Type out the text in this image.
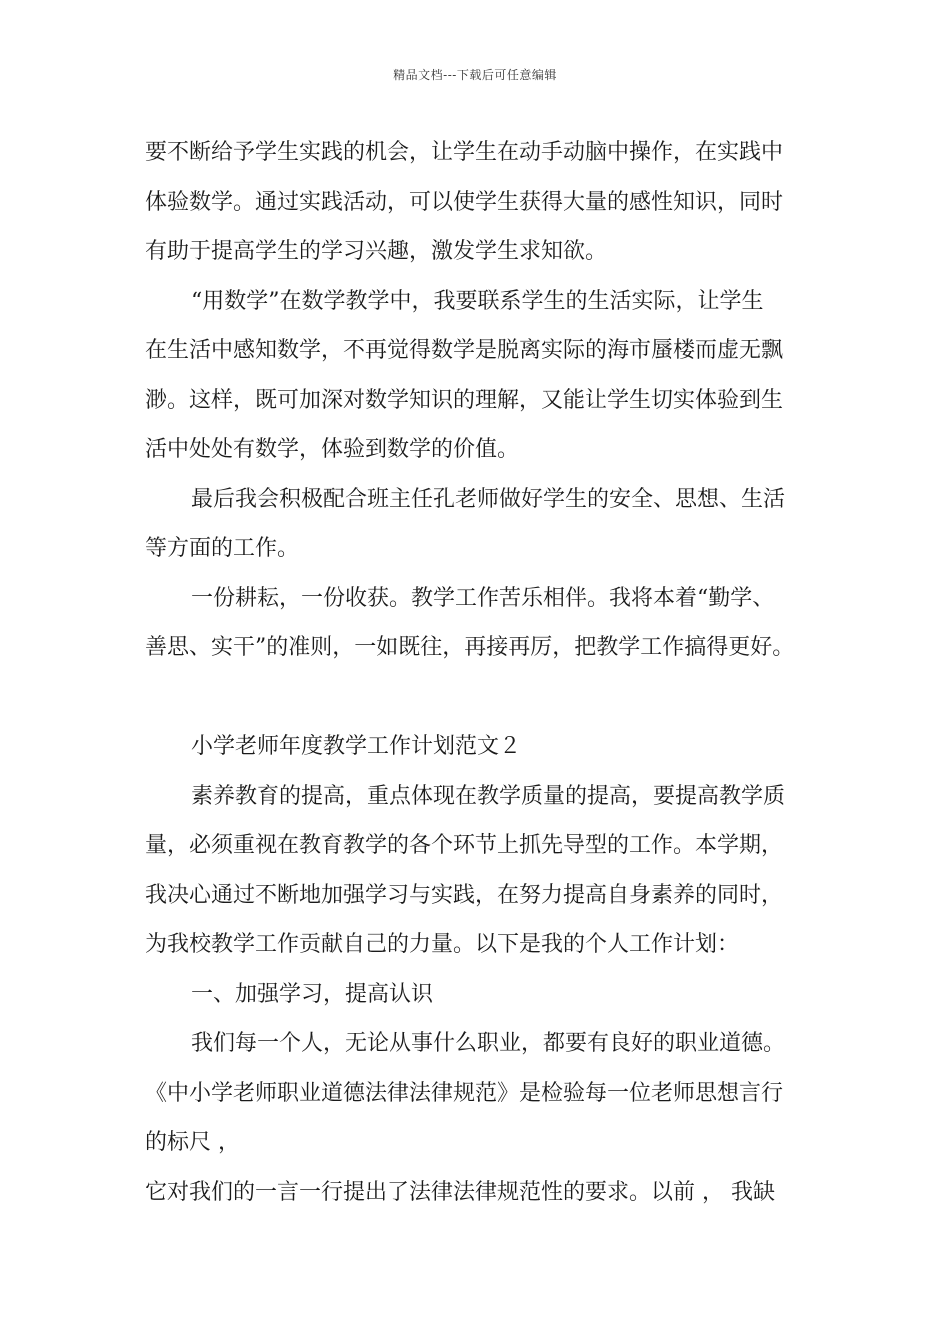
精品文档---下载后可任意编辑
要不断给予学生实践的机会，让学生在动手动脑中操作，在实践中
体验数学。通过实践活动，可以使学生获得大量的感性知识，同时
有助于提高学生的学习兴趣，激发学生求知欲。
“用数学”在数学教学中，我要联系学生的生活实际，让学生
在生活中感知数学，不再觉得数学是脱离实际的海市蜃楼而虚无飘
渺。这样，既可加深对数学知识的理解，又能让学生切实体验到生
活中处处有数学，体验到数学的价值。
最后我会积极配合班主任孔老师做好学生的安全、思想、生活
等方面的工作。
一份耕耘，一份收获。教学工作苦乐相伴。我将本着“勤学、
善思、实干”的准则，一如既往，再接再厉，把教学工作搞得更好。
小学老师年度教学工作计划范文２
素养教育的提高，重点体现在教学质量的提高，要提高教学质
量，必须重视在教育教学的各个环节上抓先导型的工作。本学期，
我决心通过不断地加强学习与实践，在努力提高自身素养的同时，
为我校教学工作贡献自己的力量。以下是我的个人工作计划：
一、加强学习，提高认识
我们每一个人，无论从事什么职业，都要有良好的职业道德。
《中小学老师职业道德法律法律规范》是检验每一位老师思想言行
的标尺 ，
它对我们的一言一行提出了法律法律规范性的要求。以前 ， 我缺
